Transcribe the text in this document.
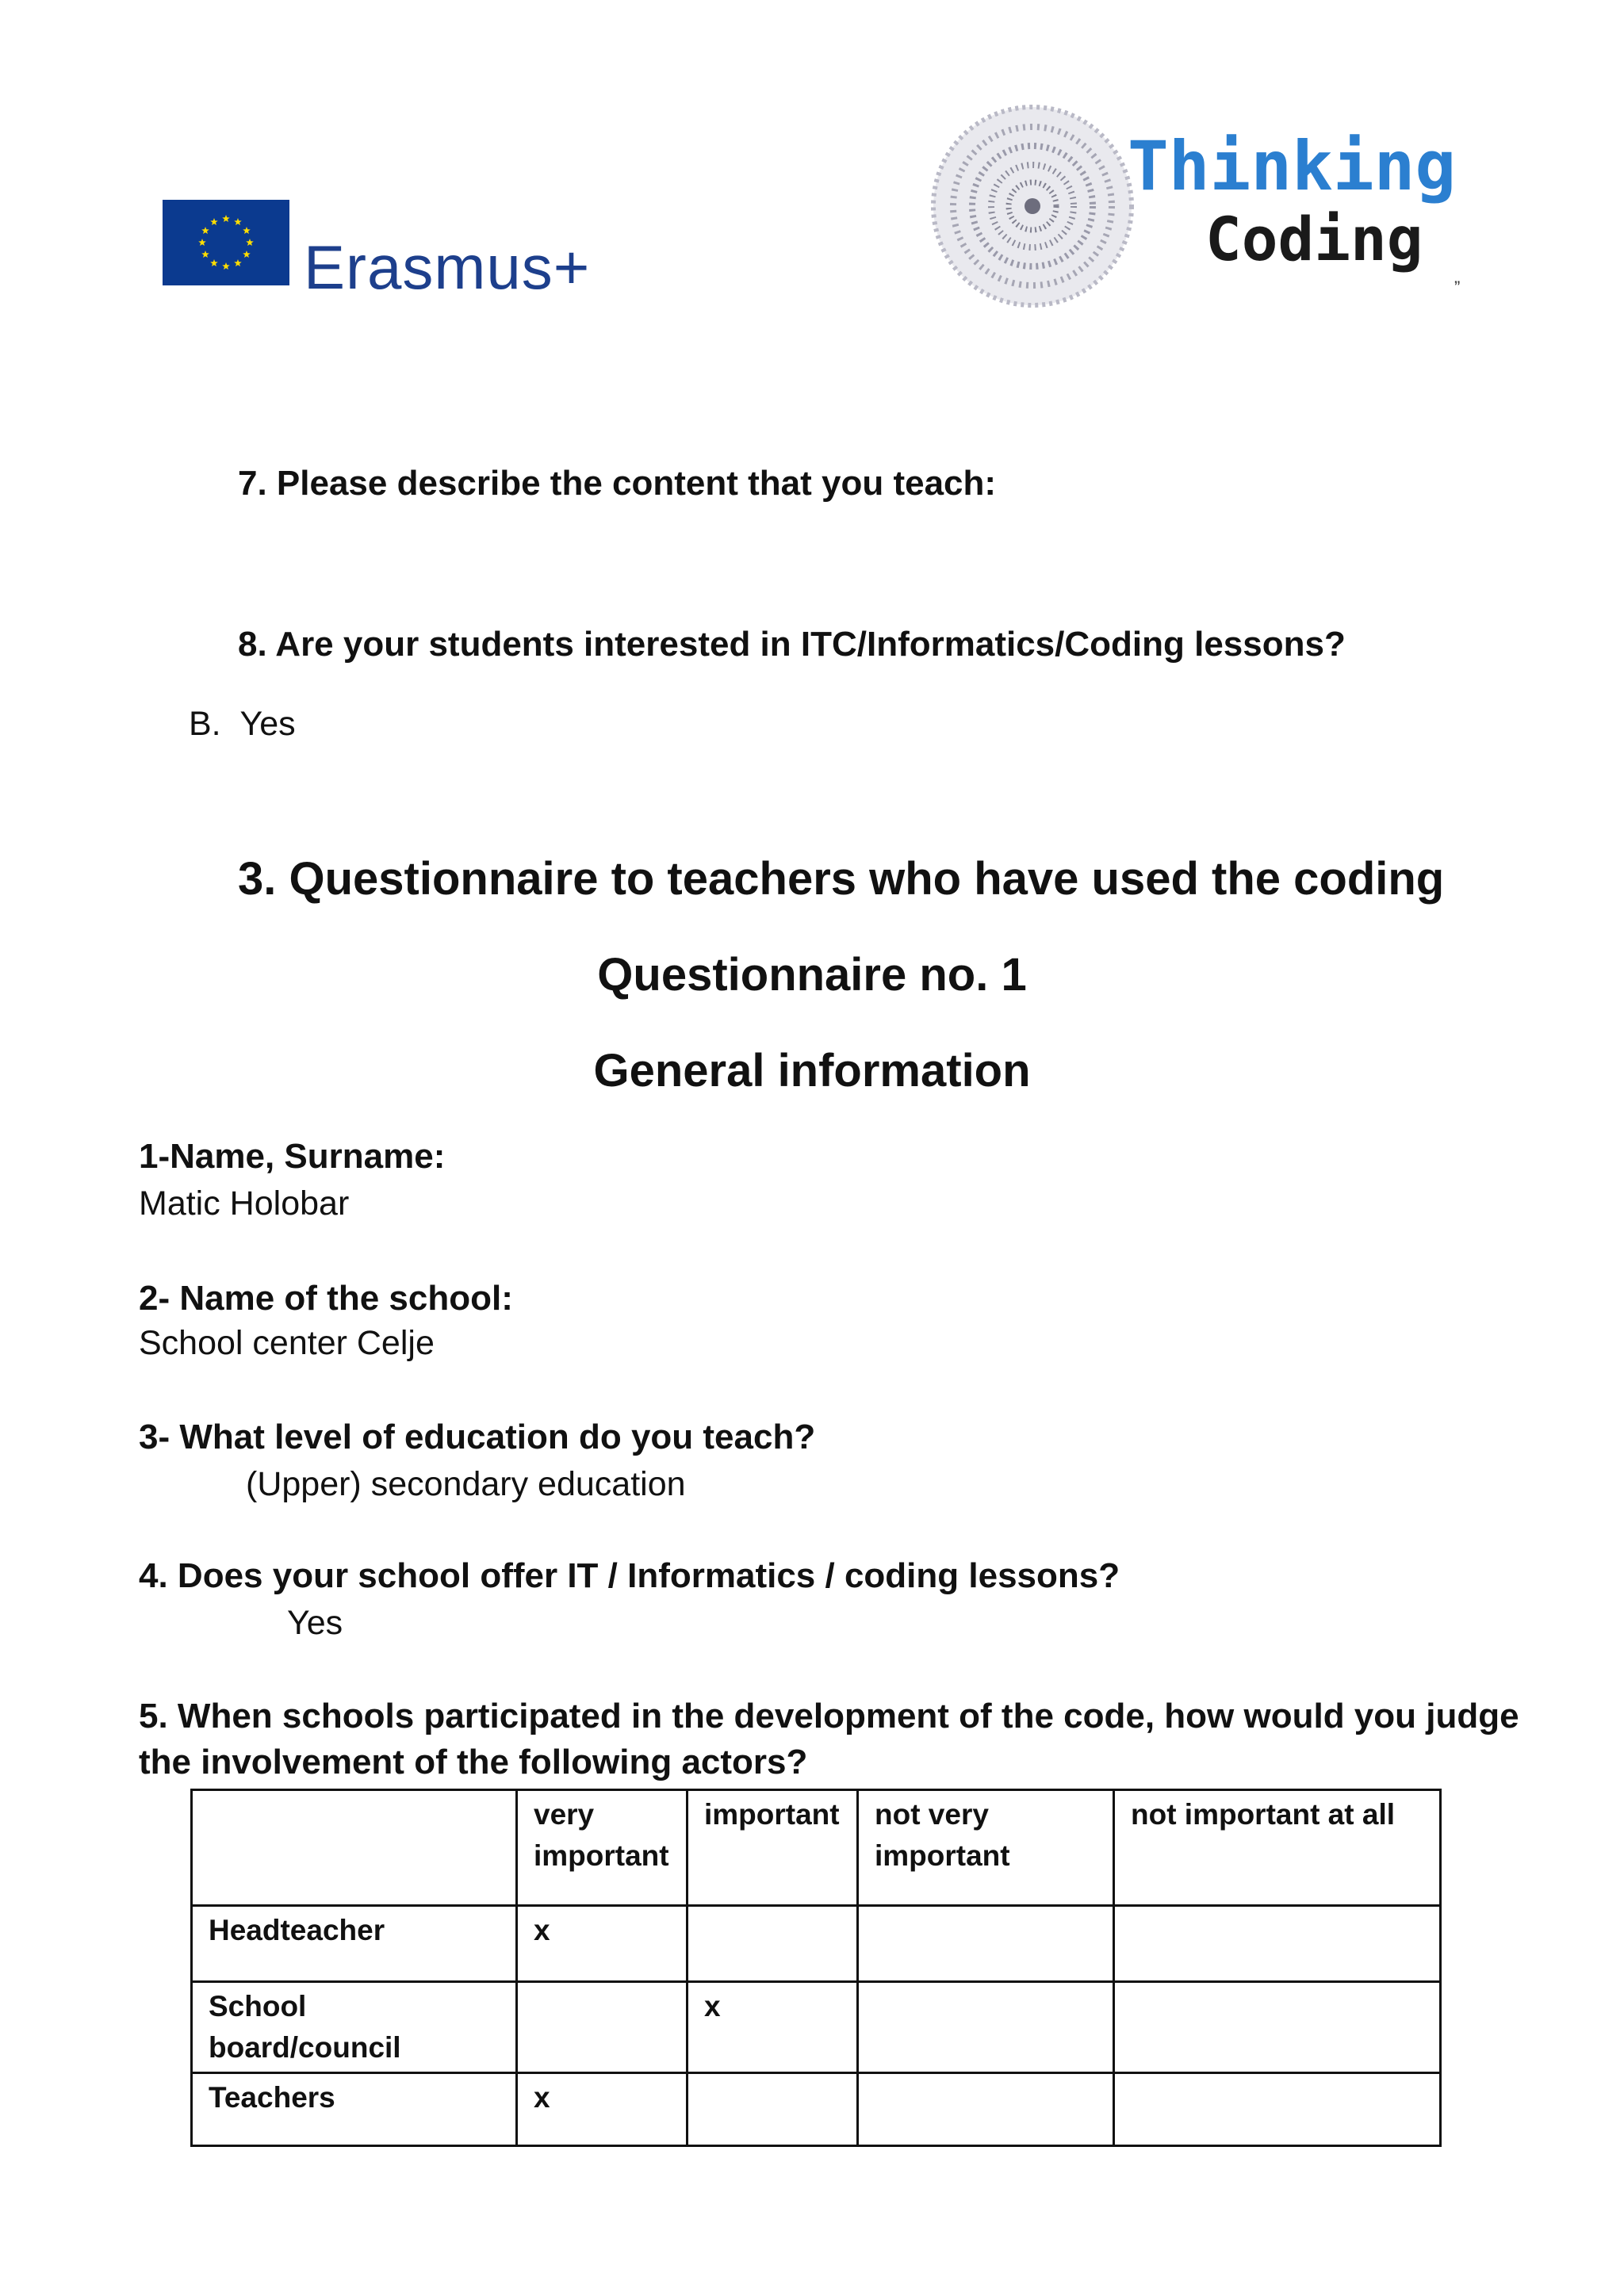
Erasmus+
Thinking
Coding
”
7. Please describe the content that you teach:
8. Are your students interested in ITC/Informatics/Coding lessons?
B.  Yes
3. Questionnaire to teachers who have used the coding
Questionnaire no. 1
General information
1-Name, Surname:
Matic Holobar
2- Name of the school:
School center Celje
3- What level of education do you teach?
(Upper) secondary education
4. Does your school offer IT / Informatics / coding lessons?
Yes
5. When schools participated in the development of the code, how would you judge
the involvement of the following actors?
	very important	important	not very important	not important at all
Headteacher	x			
School board/council		x		
Teachers	x			
